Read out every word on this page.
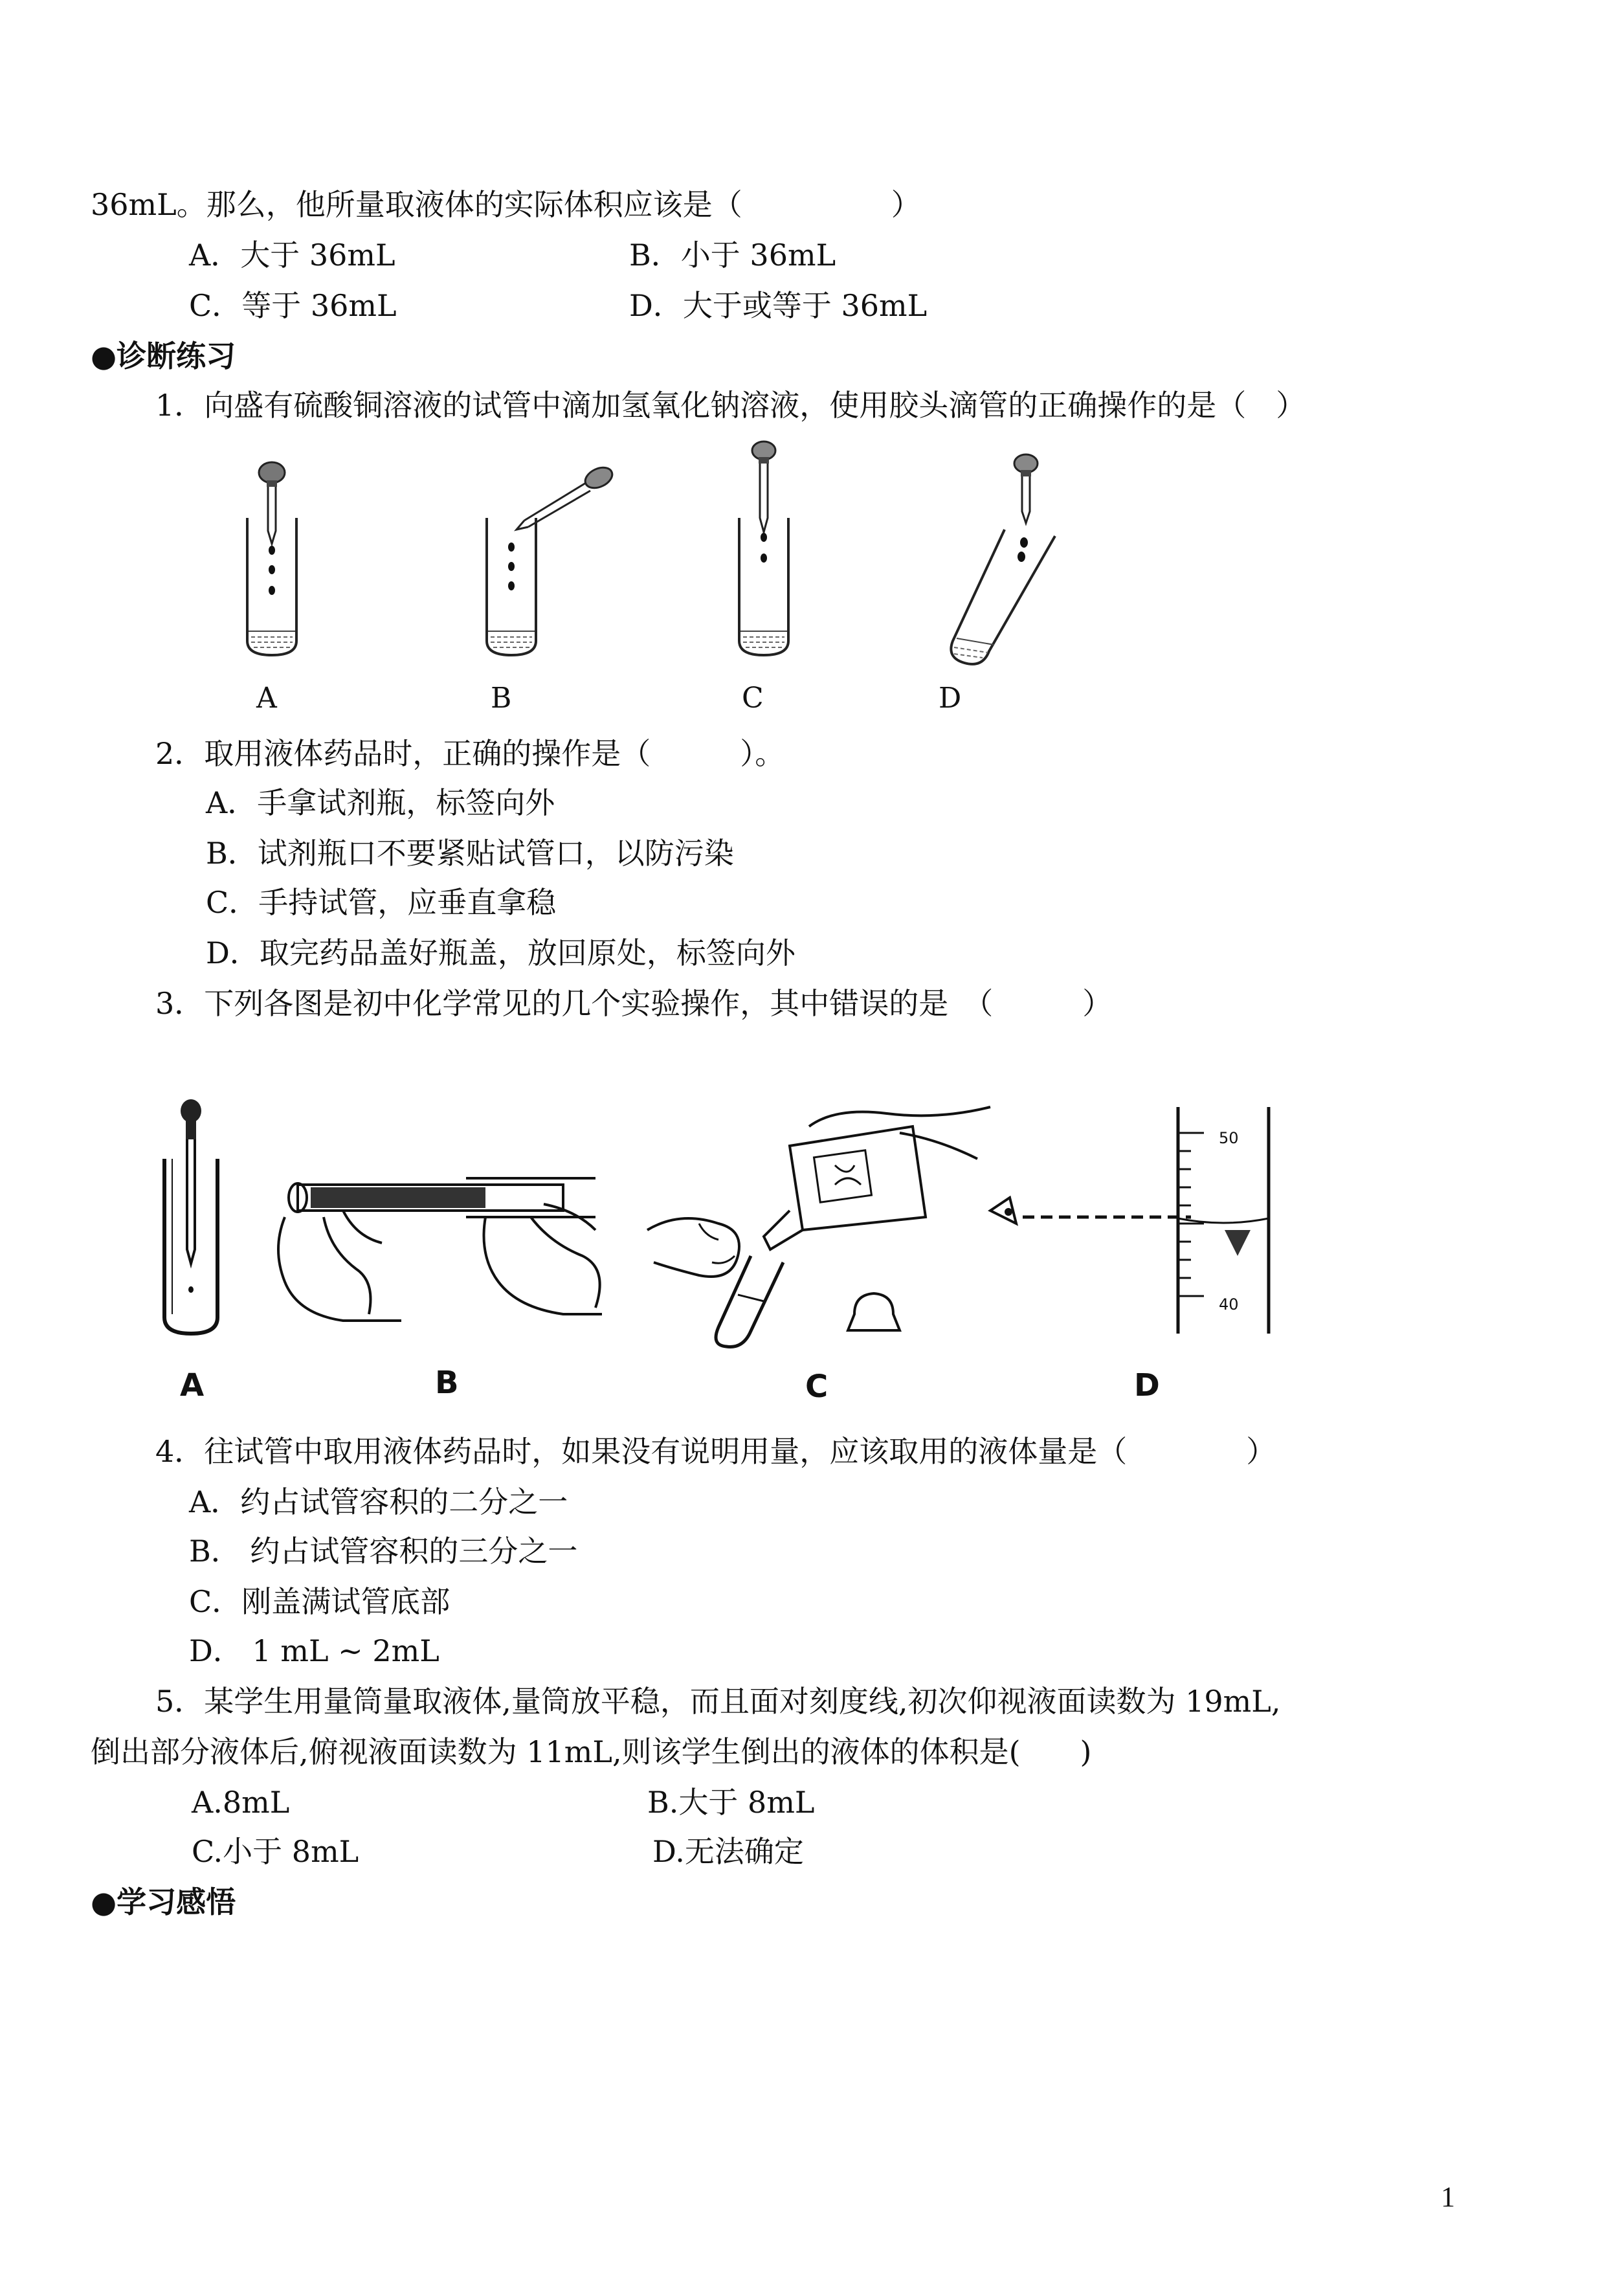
36mL。那么，他所量取液体的实际体积应该是（　　　　　）
A．大于 36mL	B．小于 36mL
C．等于 36mL	D．大于或等于 36mL
●诊断练习
1．向盛有硫酸铜溶液的试管中滴加氢氧化钠溶液，使用胶头滴管的正确操作的是（　）
A	B	C	D
2．取用液体药品时，正确的操作是（　　　）。
A．手拿试剂瓶，标签向外
B．试剂瓶口不要紧贴试管口，以防污染
C．手持试管，应垂直拿稳
D．取完药品盖好瓶盖，放回原处，标签向外
3．下列各图是初中化学常见的几个实验操作，其中错误的是　（　　　）
50
40
A	B	C	D
4．往试管中取用液体药品时，如果没有说明用量，应该取用的液体量是（　　　　）
A．约占试管容积的二分之一
B． 约占试管容积的三分之一
C．刚盖满试管底部
D． 1 mL ~ 2mL
5．某学生用量筒量取液体,量筒放平稳，而且面对刻度线,初次仰视液面读数为 19mL,
倒出部分液体后,俯视液面读数为 11mL,则该学生倒出的液体的体积是(　　)
A.8mL	B.大于 8mL
C.小于 8mL	D.无法确定
●学习感悟
1
